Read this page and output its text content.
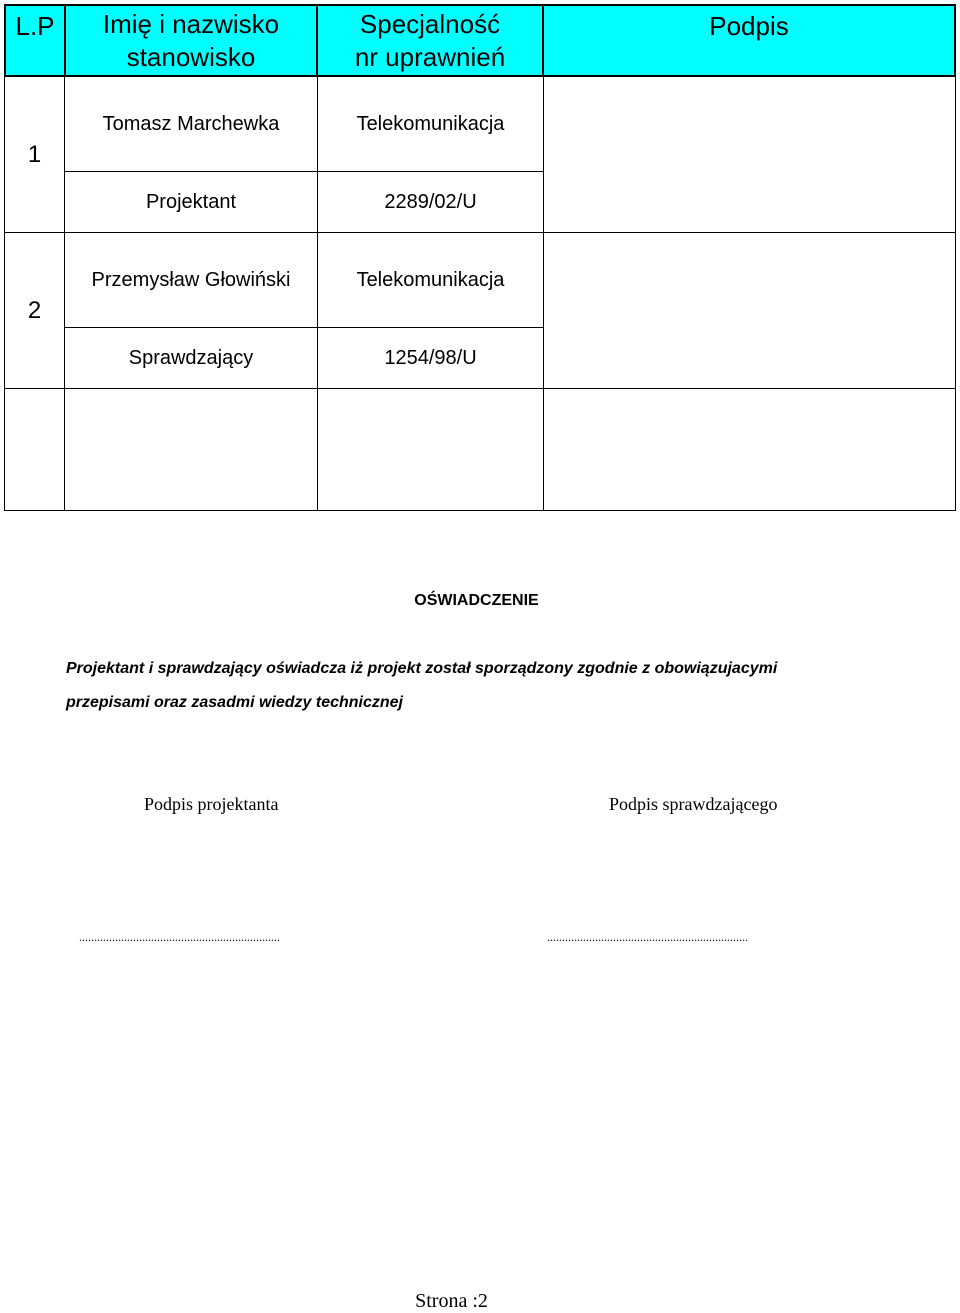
L.P Imię i nazwisko
stanowisko
Specjalność
nr uprawnień
Podpis
1
Tomasz Marchewka
Projektant
Telekomunikacja
2289/02/U
2
Przemysław Głowiński
Sprawdzający
Telekomunikacja
1254/98/U
OŚWIADCZENIE
Projektant i sprawdzający oświadcza iż projekt został sporządzony zgodnie z obowiązujacymi
przepisami oraz zasadmi wiedzy technicznej
Podpis projektanta	Podpis sprawdzającego
...................................................................	...................................................................
Strona :2
